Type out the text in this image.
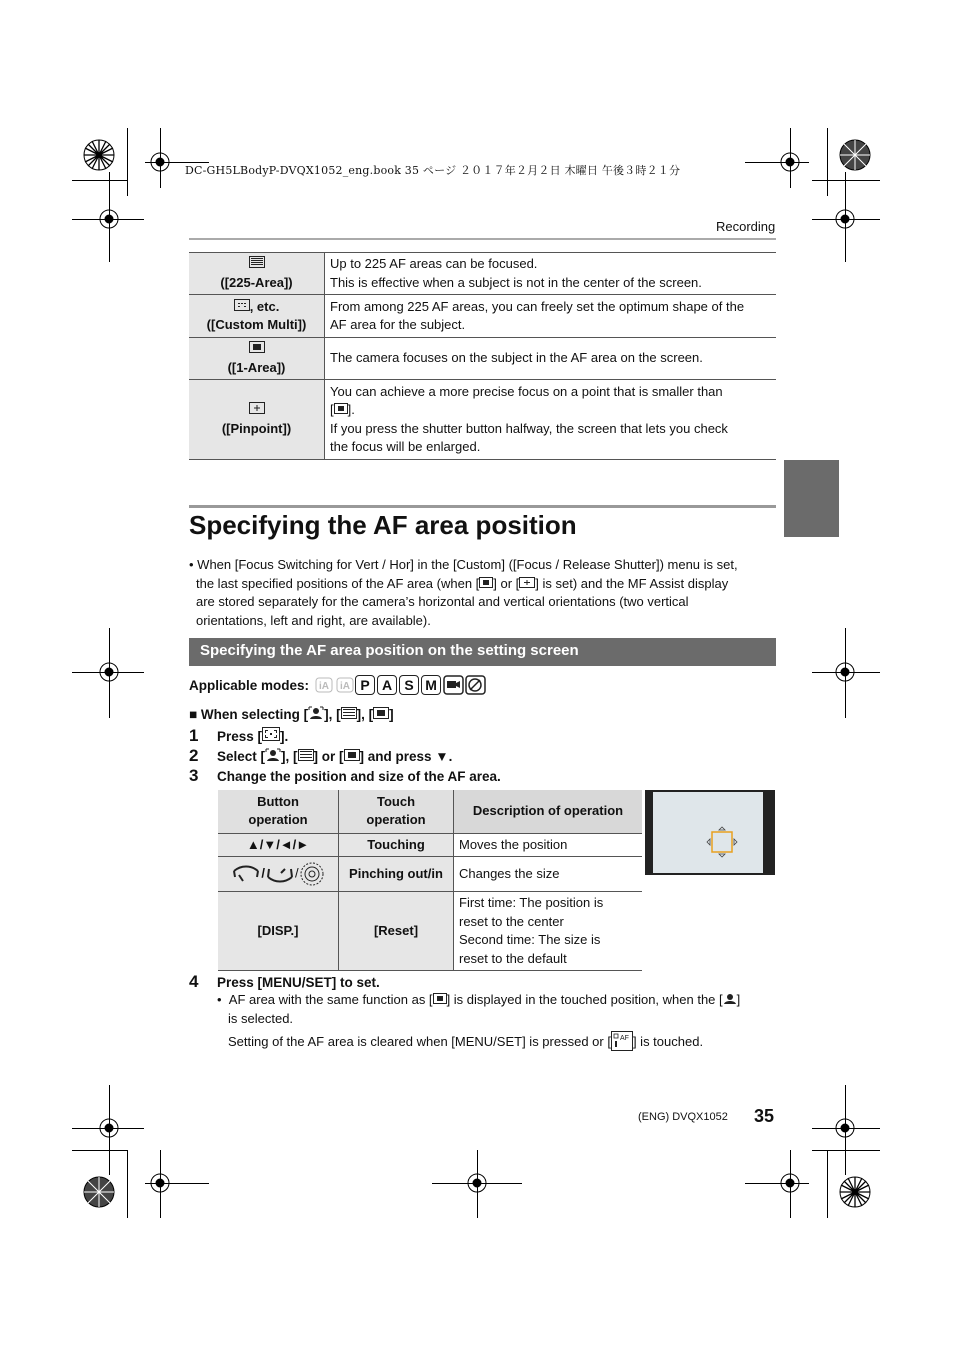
DC-GH5LBodyP-DVQX1052_eng.book 35 ページ ２０１７年２月２日 木曜日 午後３時２１分
Recording

([225-Area])	Up to 225 AF areas can be focused.
This is effective when a subject is not in the center of the screen.
, etc.
([Custom Multi])	From among 225 AF areas, you can freely set the optimum shape of the
AF area for the subject.

([1-Area])	The camera focuses on the subject in the AF area on the screen.

([Pinpoint])	You can achieve a more precise focus on a point that is smaller than
[ ].
If you press the shutter button halfway, the screen that lets you check
the focus will be enlarged.
Specifying the AF area position
• When [Focus Switching for Vert / Hor] in the [Custom] ([Focus / Release Shutter]) menu is set,
the last specified positions of the AF area (when [ ] or [ ] is set) and the MF Assist display
are stored separately for the camera’s horizontal and vertical orientations (two vertical
orientations, left and right, are available).
Specifying the AF area position on the setting screen
Applicable modes: iA iA P A S M
■ When selecting [ ], [ ], [ ]
1 Press [ ].
2 Select [ ], [ ] or [ ] and press ▼.
3 Change the position and size of the AF area.
Button operation	Touch operation	Description of operation
▲/▼/◄/►	Touching	Moves the position
/ /	Pinching out/in	Changes the size
[DISP.]	[Reset]	First time: The position is
reset to the center
Second time: The size is
reset to the default
4 Press [MENU/SET] to set.
•  AF area with the same function as [ ] is displayed in the touched position, when the [ ]
is selected.
Setting of the AF area is cleared when [MENU/SET] is pressed or [ AF ] is touched.
(ENG) DVQX1052 35
